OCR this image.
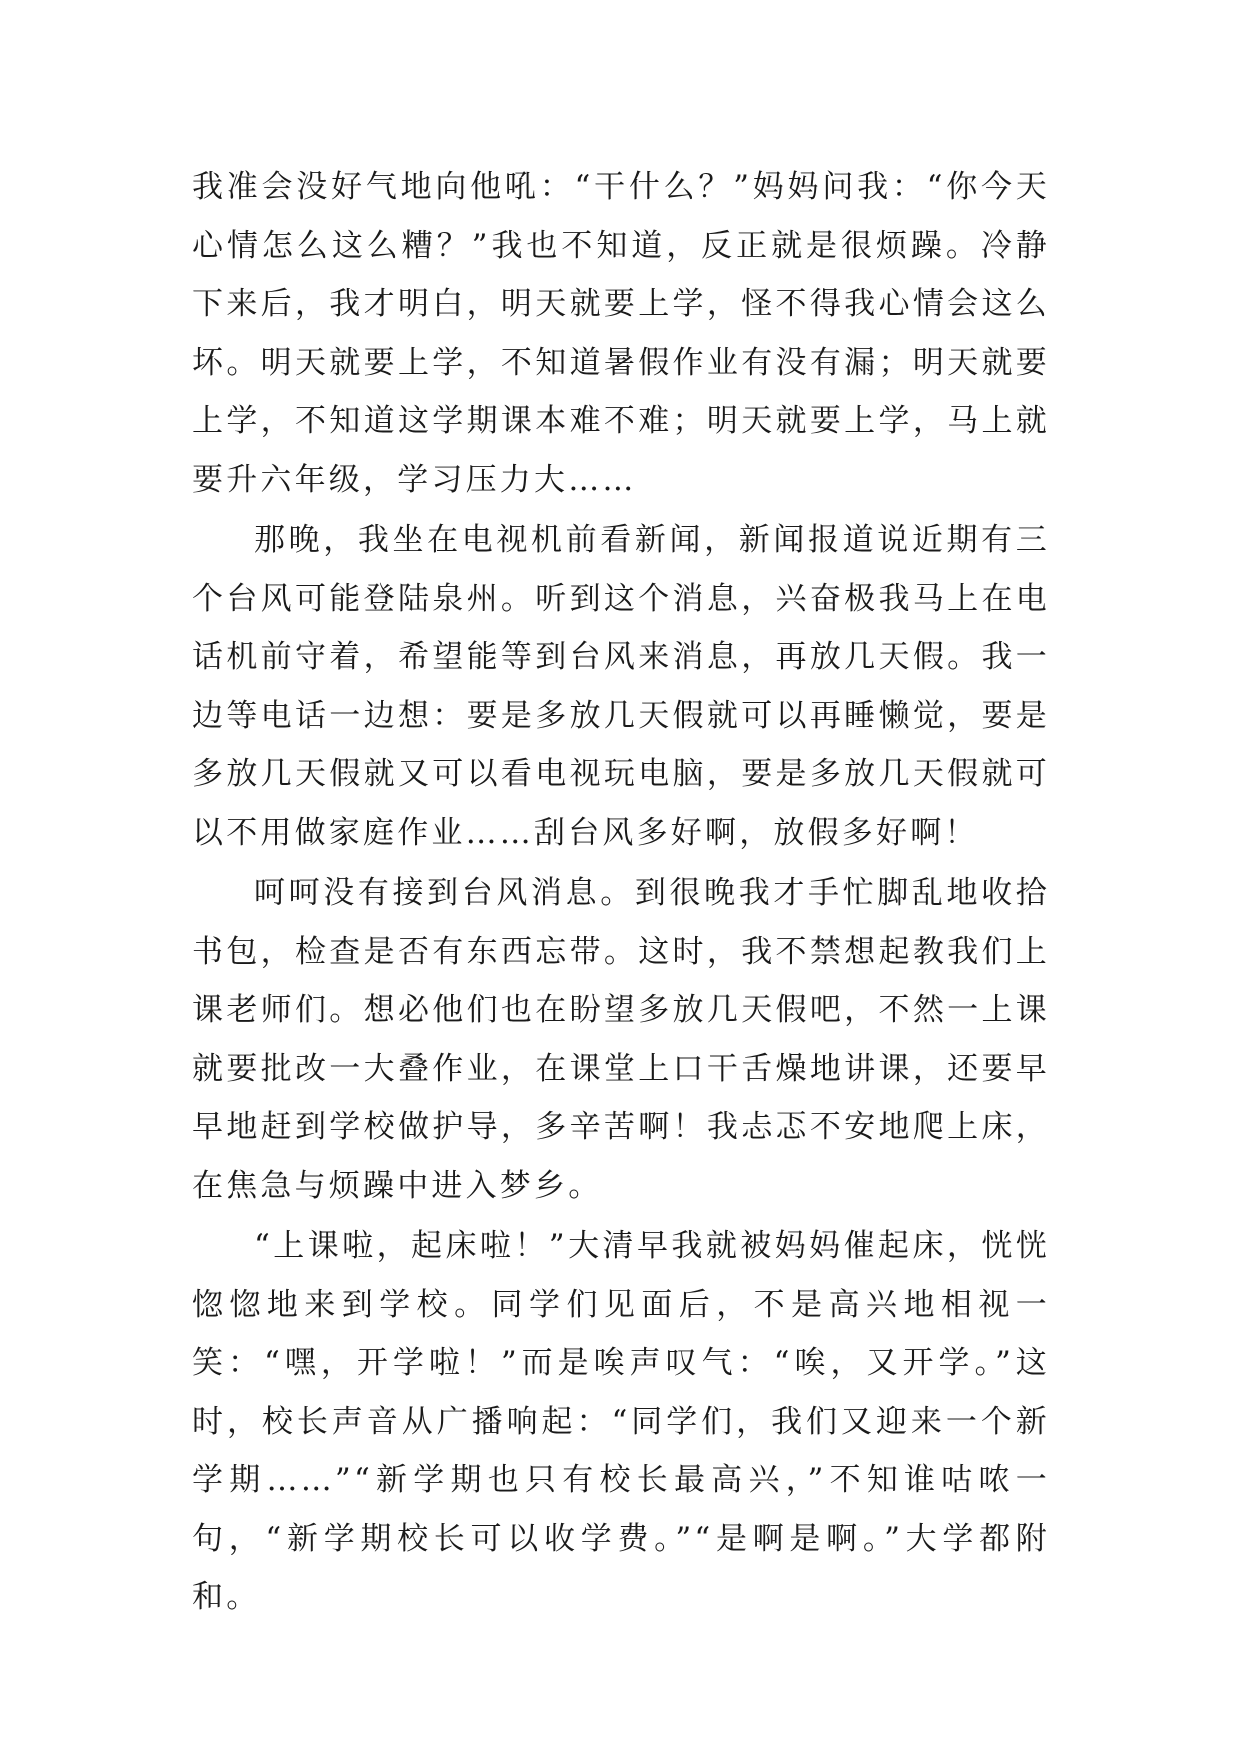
我准会没好气地向他吼：“干什么？”妈妈问我：“你今天心情怎么这么糟？”我也不知道，反正就是很烦躁。冷静下来后，我才明白，明天就要上学，怪不得我心情会这么坏。明天就要上学，不知道暑假作业有没有漏；明天就要上学，不知道这学期课本难不难；明天就要上学，马上就要升六年级，学习压力大……

那晚，我坐在电视机前看新闻，新闻报道说近期有三个台风可能登陆泉州。听到这个消息，兴奋极我马上在电话机前守着，希望能等到台风来消息，再放几天假。我一边等电话一边想：要是多放几天假就可以再睡懒觉，要是多放几天假就又可以看电视玩电脑，要是多放几天假就可以不用做家庭作业……刮台风多好啊，放假多好啊！

呵呵没有接到台风消息。到很晚我才手忙脚乱地收拾书包，检查是否有东西忘带。这时，我不禁想起教我们上课老师们。想必他们也在盼望多放几天假吧，不然一上课就要批改一大叠作业，在课堂上口干舌燥地讲课，还要早早地赶到学校做护导，多辛苦啊！我忐忑不安地爬上床，在焦急与烦躁中进入梦乡。

“上课啦，起床啦！”大清早我就被妈妈催起床，恍恍惚惚地来到学校。同学们见面后，不是高兴地相视一笑：“嘿，开学啦！”而是唉声叹气：“唉，又开学。”这时，校长声音从广播响起：“同学们，我们又迎来一个新学期……”“新学期也只有校长最高兴，”不知谁咕哝一句，“新学期校长可以收学费。”“是啊是啊。”大学都附和。
